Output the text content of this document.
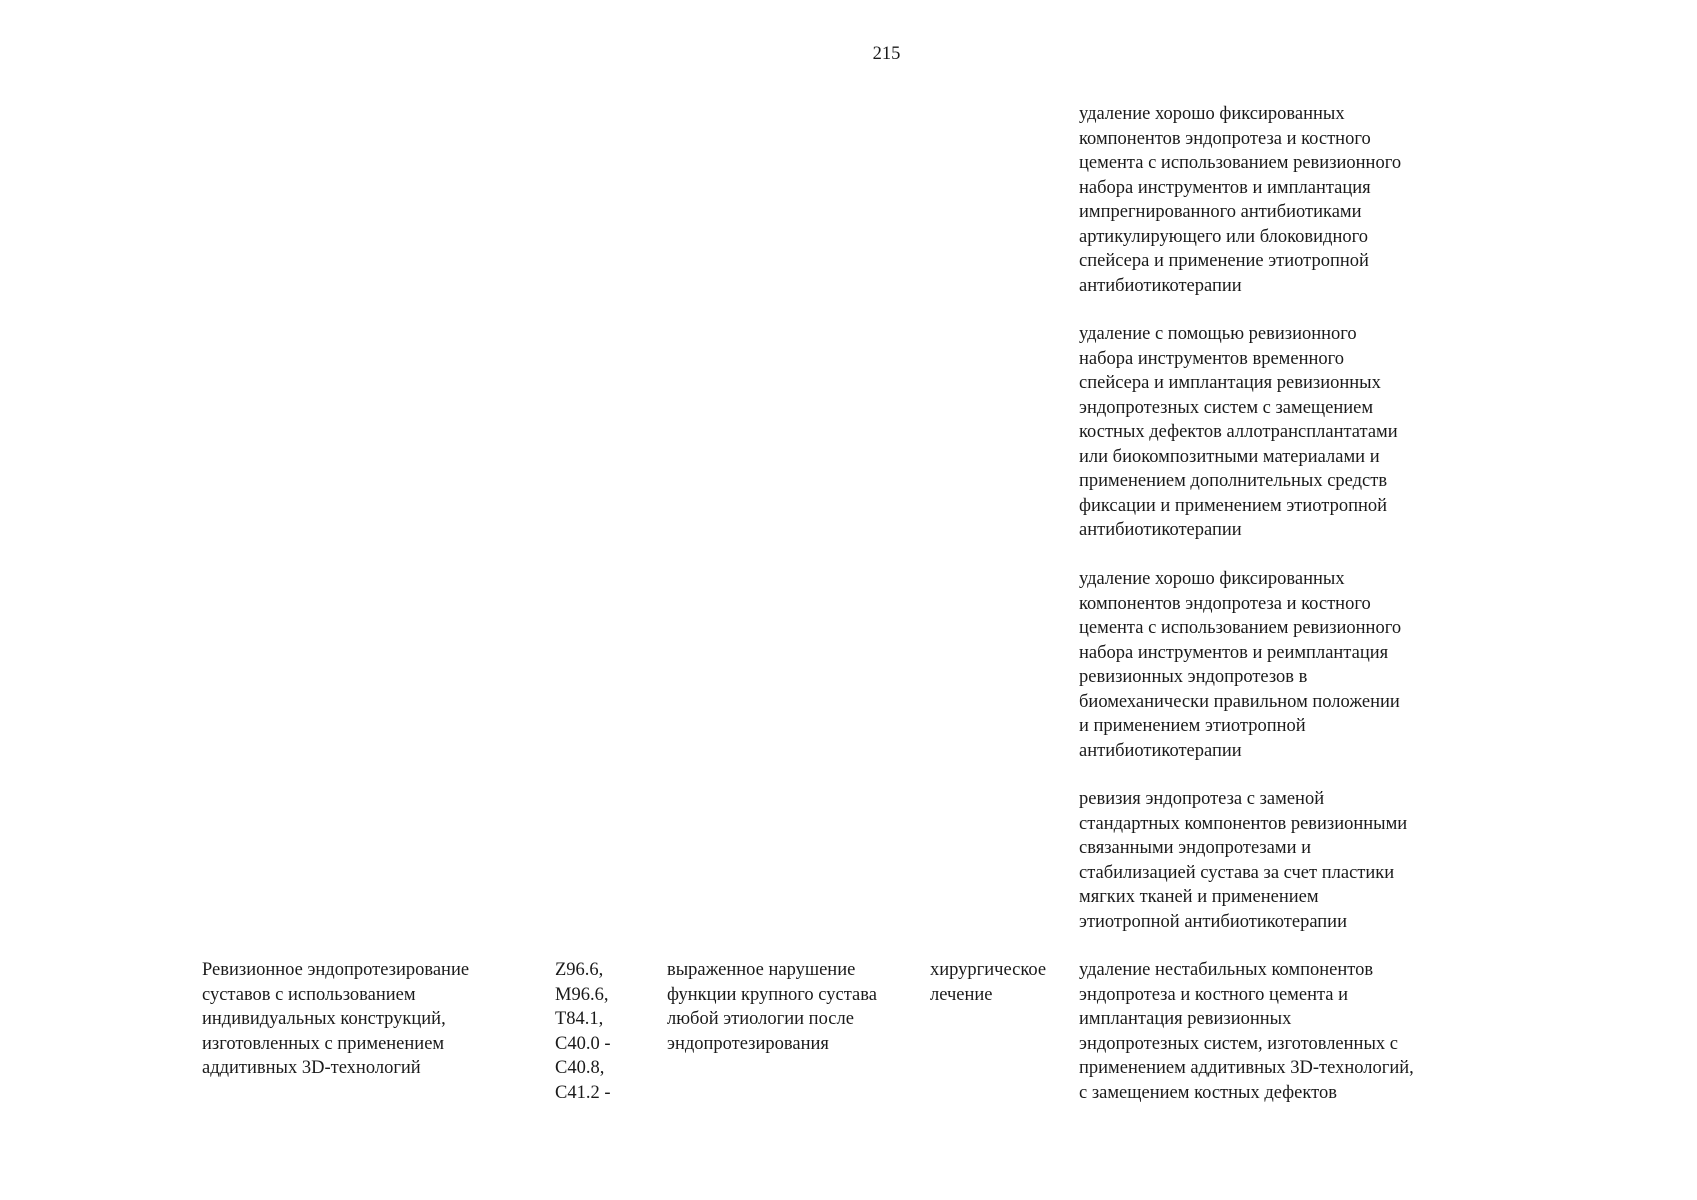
215
удаление хорошо фиксированных
компонентов эндопротеза и костного
цемента с использованием ревизионного
набора инструментов и имплантация
импрегнированного антибиотиками
артикулирующего или блоковидного
спейсера и применение этиотропной
антибиотикотерапии
удаление с помощью ревизионного
набора инструментов временного
спейсера и имплантация ревизионных
эндопротезных систем с замещением
костных дефектов аллотрансплантатами
или биокомпозитными материалами и
применением дополнительных средств
фиксации и применением этиотропной
антибиотикотерапии
удаление хорошо фиксированных
компонентов эндопротеза и костного
цемента с использованием ревизионного
набора инструментов и реимплантация
ревизионных эндопротезов в
биомеханически правильном положении
и применением этиотропной
антибиотикотерапии
ревизия эндопротеза с заменой
стандартных компонентов ревизионными
связанными эндопротезами и
стабилизацией сустава за счет пластики
мягких тканей и применением
этиотропной антибиотикотерапии
Ревизионное эндопротезирование
суставов с использованием
индивидуальных конструкций,
изготовленных с применением
аддитивных 3D-технологий
Z96.6,
M96.6,
T84.1,
C40.0 -
C40.8,
C41.2 -
выраженное нарушение
функции крупного сустава
любой этиологии после
эндопротезирования
хирургическое
лечение
удаление нестабильных компонентов
эндопротеза и костного цемента и
имплантация ревизионных
эндопротезных систем, изготовленных с
применением аддитивных 3D-технологий,
с замещением костных дефектов
